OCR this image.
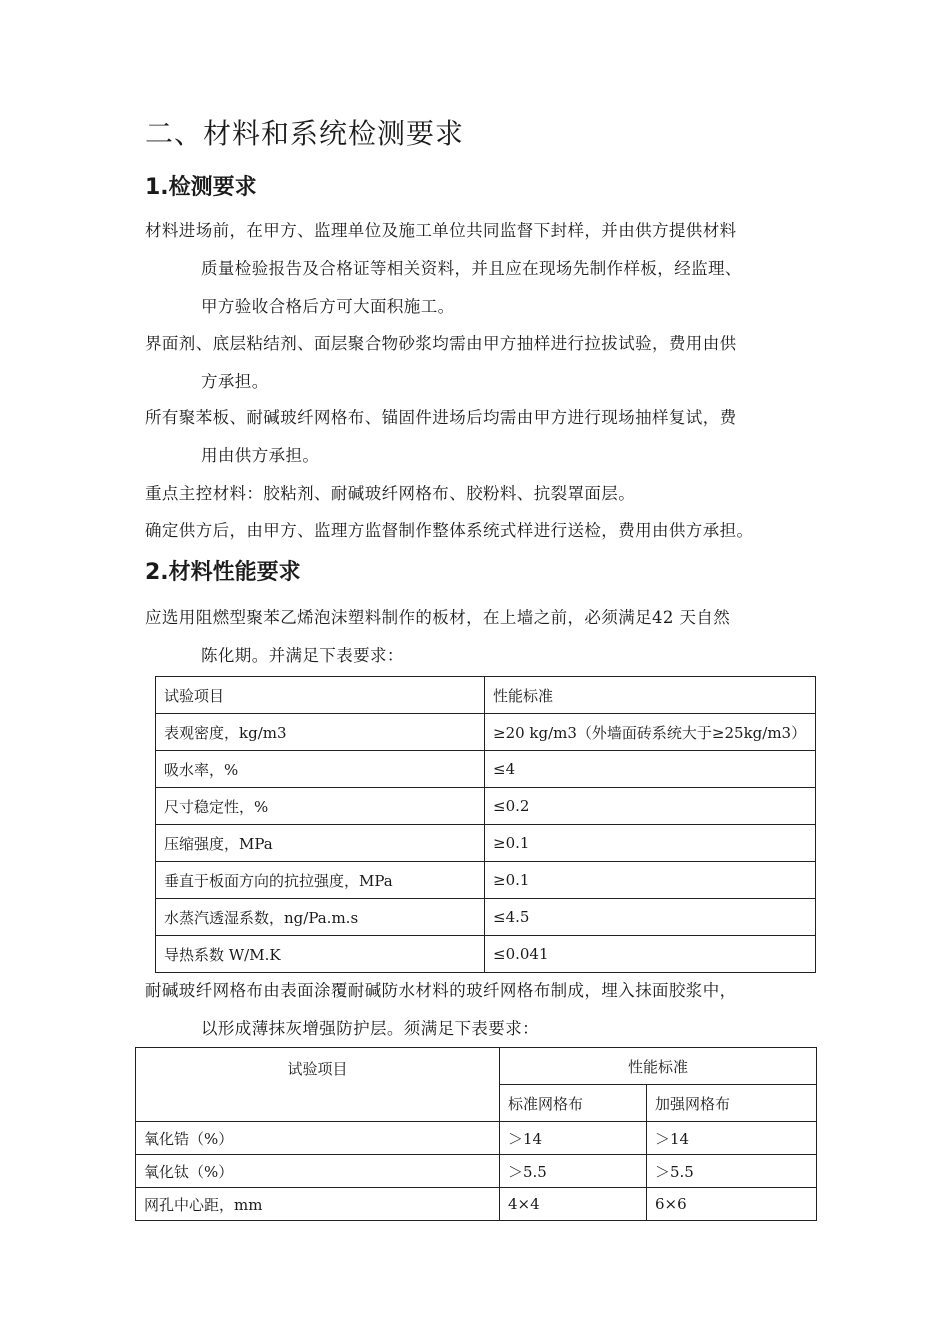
二、材料和系统检测要求
1.检测要求
材料进场前，在甲方、监理单位及施工单位共同监督下封样，并由供方提供材料
质量检验报告及合格证等相关资料，并且应在现场先制作样板，经监理、
甲方验收合格后方可大面积施工。
界面剂、底层粘结剂、面层聚合物砂浆均需由甲方抽样进行拉拔试验，费用由供
方承担。
所有聚苯板、耐碱玻纤网格布、锚固件进场后均需由甲方进行现场抽样复试，费
用由供方承担。
重点主控材料：胶粘剂、耐碱玻纤网格布、胶粉料、抗裂罩面层。
确定供方后，由甲方、监理方监督制作整体系统式样进行送检，费用由供方承担。
2.材料性能要求
应选用阻燃型聚苯乙烯泡沫塑料制作的板材，在上墙之前，必须满足42 天自然
陈化期。并满足下表要求：
试验项目	性能标准
表观密度，kg/m3	≥20 kg/m3（外墙面砖系统大于≥25kg/m3）
吸水率，%	≤4
尺寸稳定性，%	≤0.2
压缩强度，MPa	≥0.1
垂直于板面方向的抗拉强度，MPa	≥0.1
水蒸汽透湿系数，ng/Pa.m.s	≤4.5
导热系数 W/M.K	≤0.041
耐碱玻纤网格布由表面涂覆耐碱防水材料的玻纤网格布制成，埋入抹面胶浆中，
以形成薄抹灰增强防护层。须满足下表要求：
试验项目	性能标准	
	标准网格布	加强网格布
氧化锆（%）	＞14	＞14
氧化钛（%）	＞5.5	＞5.5
网孔中心距，mm	4×4	6×6
